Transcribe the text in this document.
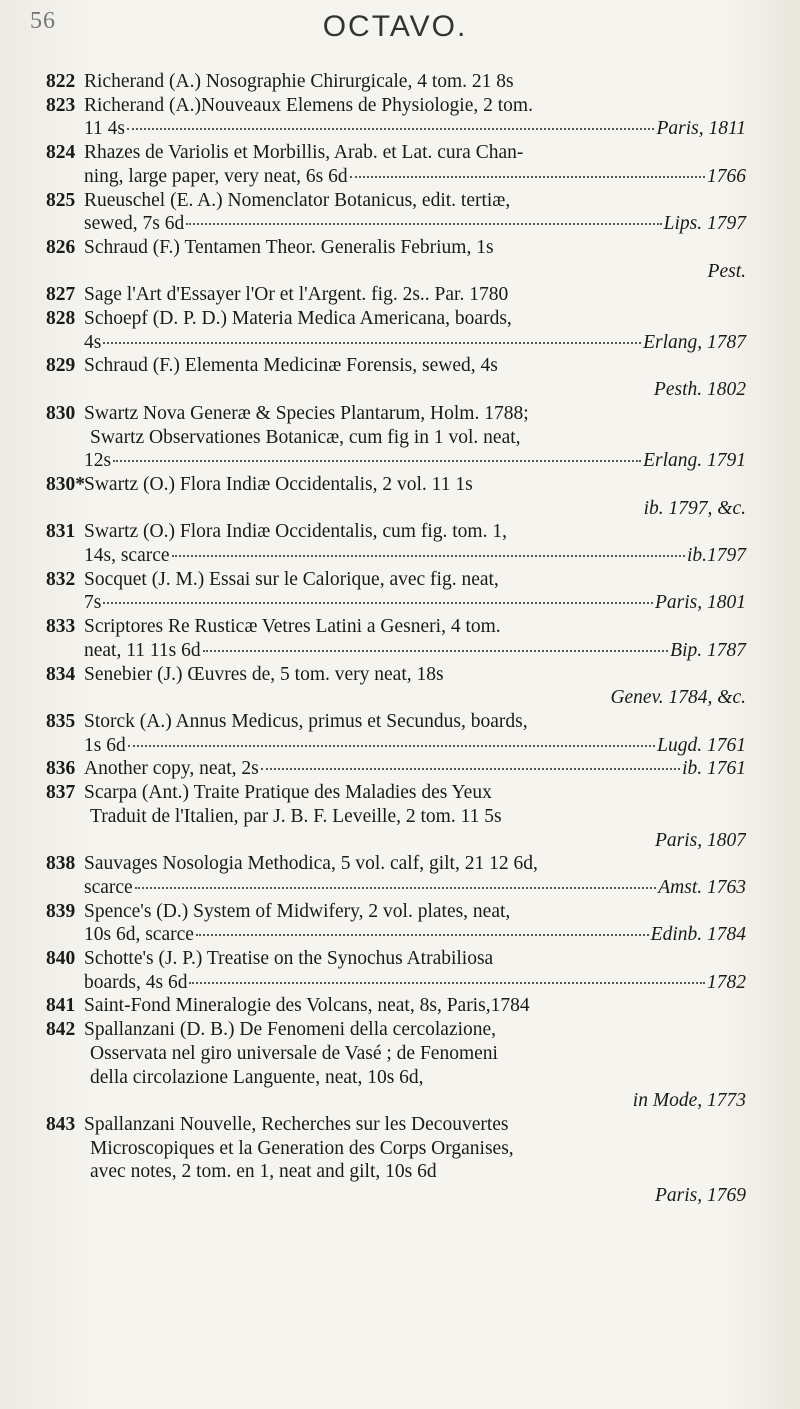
56	OCTAVO.
822 Richerand (A.) Nosographie Chirurgicale, 4 tom. 21 8s
823 Richerand (A.)Nouveaux Elemens de Physiologie, 2 tom.
11 4s	Paris, 1811
824 Rhazes de Variolis et Morbillis, Arab. et Lat. cura Chan-
ning, large paper, very neat, 6s 6d	1766
825 Rueuschel (E. A.) Nomenclator Botanicus, edit. tertiæ,
sewed, 7s 6d	Lips. 1797
826 Schraud (F.) Tentamen Theor. Generalis Febrium, 1s
Pest.
827 Sage l'Art d'Essayer l'Or et l'Argent. fig. 2s.. Par. 1780
828 Schoepf (D. P. D.) Materia Medica Americana, boards,
4s	Erlang, 1787
829 Schraud (F.) Elementa Medicinæ Forensis, sewed, 4s
Pesth. 1802
830 Swartz Nova Generæ & Species Plantarum, Holm. 1788;
Swartz Observationes Botanicæ, cum fig in 1 vol. neat,
12s	Erlang. 1791
830* Swartz (O.) Flora Indiæ Occidentalis, 2 vol. 11 1s
ib. 1797, &c.
831 Swartz (O.) Flora Indiæ Occidentalis, cum fig. tom. 1,
14s, scarce	ib.1797
832 Socquet (J. M.) Essai sur le Calorique, avec fig. neat,
7s	Paris, 1801
833 Scriptores Re Rusticæ Vetres Latini a Gesneri, 4 tom.
neat, 11 11s 6d	Bip. 1787
834 Senebier (J.) Œuvres de, 5 tom. very neat, 18s
Genev. 1784, &c.
835 Storck (A.) Annus Medicus, primus et Secundus, boards,
1s 6d	Lugd. 1761
836 Another copy, neat, 2s	ib. 1761
837 Scarpa (Ant.) Traite Pratique des Maladies des Yeux
Traduit de l'Italien, par J. B. F. Leveille, 2 tom. 11 5s
Paris, 1807
838 Sauvages Nosologia Methodica, 5 vol. calf, gilt, 21 12 6d,
scarce	Amst. 1763
839 Spence's (D.) System of Midwifery, 2 vol. plates, neat,
10s 6d, scarce	Edinb. 1784
840 Schotte's (J. P.) Treatise on the Synochus Atrabiliosa
boards, 4s 6d	1782
841 Saint-Fond Mineralogie des Volcans, neat, 8s, Paris,1784
842 Spallanzani (D. B.) De Fenomeni della cercolazione,
Osservata nel giro universale de Vasé ; de Fenomeni
della circolazione Languente, neat, 10s 6d,
in Mode, 1773
843 Spallanzani Nouvelle, Recherches sur les Decouvertes
Microscopiques et la Generation des Corps Organises,
avec notes, 2 tom. en 1, neat and gilt, 10s 6d
Paris, 1769
